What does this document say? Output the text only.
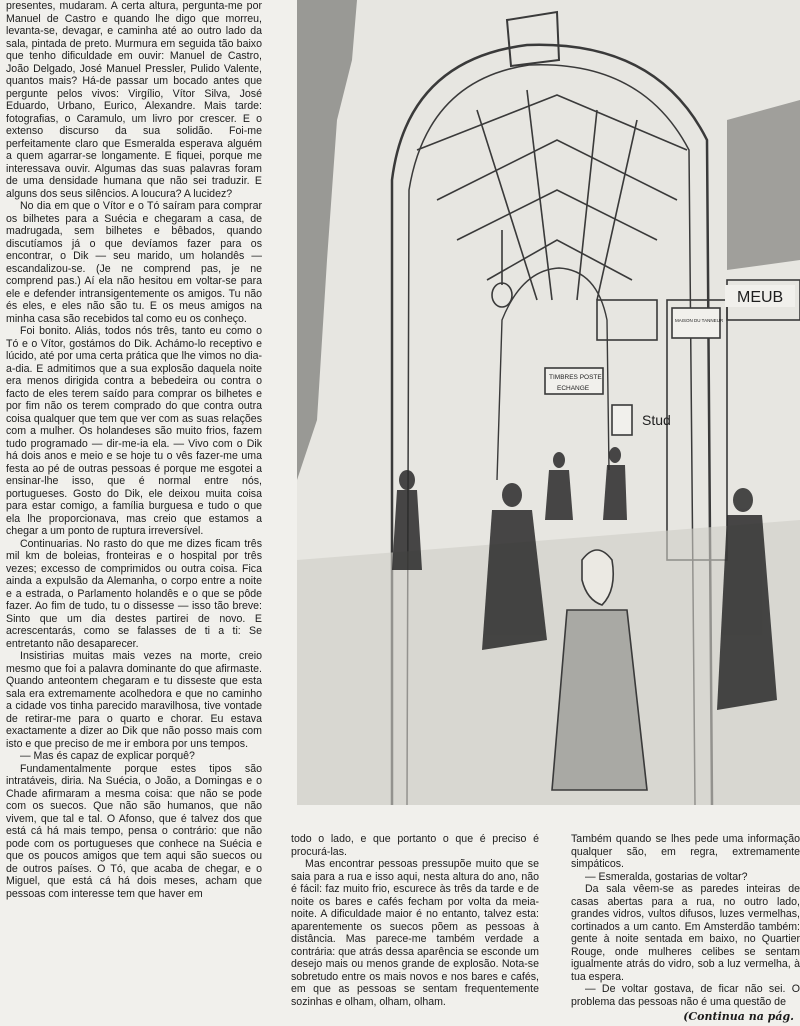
presentes, mudaram. A certa altura, pergunta-me por Manuel de Castro e quando lhe digo que morreu, levanta-se, devagar, e caminha até ao outro lado da sala, pintada de preto. Murmura em seguida tão baixo que tenho dificuldade em ouvir: Manuel de Castro, João Delgado, José Manuel Pressler, Pulido Valente, quantos mais? Há-de passar um bocado antes que pergunte pelos vivos: Virgílio, Vítor Silva, José Eduardo, Urbano, Eurico, Alexandre. Mais tarde: fotografias, o Caramulo, um livro por crescer. E o extenso discurso da sua solidão. Foi-me perfeitamente claro que Esmeralda esperava alguém a quem agarrar-se longamente. E fiquei, porque me interessava ouvir. Algumas das suas palavras foram de uma densidade humana que não sei traduzir. E alguns dos seus silêncios. A loucura? A lucidez?

No dia em que o Vítor e o Tó saíram para comprar os bilhetes para a Suécia e chegaram a casa, de madrugada, sem bilhetes e bêbados, quando discutíamos já o que devíamos fazer para os encontrar, o Dik — seu marido, um holandês — escandalizou-se. (Je ne comprend pas, je ne comprend pas.) Aí ela não hesitou em voltar-se para ele e defender intransigentemente os amigos. Tu não és eles, e eles não são tu. E os meus amigos na minha casa são recebidos tal como eu os conheço.

Foi bonito. Aliás, todos nós três, tanto eu como o Tó e o Vítor, gostámos do Dik. Achámo-lo receptivo e lúcido, até por uma certa prática que lhe vimos no dia-a-dia. E admitimos que a sua explosão daquela noite era menos dirigida contra a bebedeira ou contra o facto de eles terem saído para comprar os bilhetes e por fim não os terem comprado do que contra outra coisa qualquer que tem que ver com as suas relações com a mulher. Os holandeses são muito frios, fazem tudo programado — dir-me-ia ela. — Vivo com o Dik há dois anos e meio e se hoje tu o vês fazer-me uma festa ao pé de outras pessoas é porque me esgotei a ensinar-lhe isso, que é normal entre nós, portugueses. Gosto do Dik, ele deixou muita coisa para estar comigo, a família burguesa e tudo o que ela lhe proporcionava, mas creio que estamos a chegar a um ponto de ruptura irreversível.

Continuarias. No rasto do que me dizes ficam três mil km de boleias, fronteiras e o hospital por três vezes; excesso de comprimidos ou outra coisa. Fica ainda a expulsão da Alemanha, o corpo entre a noite e a estrada, o Parlamento holandês e o que se pôde fazer. Ao fim de tudo, tu o dissesse — isso tão breve: Sinto que um dia destes partirei de novo. E acrescentarás, como se falasses de ti a ti: Se entretanto não desaparecer.

Insistirias muitas mais vezes na morte, creio mesmo que foi a palavra dominante do que afirmaste. Quando anteontem chegaram e tu disseste que esta sala era extremamente acolhedora e que no caminho a cidade vos tinha parecido maravilhosa, tive vontade de retirar-me para o quarto e chorar. Eu estava exactamente a dizer ao Dik que não posso mais com isto e que preciso de me ir embora por uns tempos.

— Mas és capaz de explicar porquê?

Fundamentalmente porque estes tipos são intratáveis, diria. Na Suécia, o João, a Domingas e o Chade afirmaram a mesma coisa: que não se pode com os suecos. Que não são humanos, que não vivem, que tal e tal. O Afonso, que é talvez dos que está cá há mais tempo, pensa o contrário: que não pode com os portugueses que conhece na Suécia e que os poucos amigos que tem aqui são suecos ou de outros países. O Tó, que acaba de chegar, e o Miguel, que está cá há dois meses, acham que pessoas com interesse tem que haver em

TIMBRES POSTE
ECHANGE
Stud
MEUB
MAISON DU TANNEUR

todo o lado, e que portanto o que é preciso é procurá-las.

Mas encontrar pessoas pressupõe muito que se saia para a rua e isso aqui, nesta altura do ano, não é fácil: faz muito frio, escurece às três da tarde e de noite os bares e cafés fecham por volta da meia-noite. A dificuldade maior é no entanto, talvez esta: aparentemente os suecos põem as pessoas à distância. Mas parece-me também verdade a contrária: que atrás dessa aparência se esconde um desejo mais ou menos grande de explosão. Nota-se sobretudo entre os mais novos e nos bares e cafés, em que as pessoas se sentam frequentemente sozinhas e olham, olham, olham.

Também quando se lhes pede uma informação qualquer são, em regra, extremamente simpáticos.

— Esmeralda, gostarias de voltar?

Da sala vêem-se as paredes inteiras de casas abertas para a rua, no outro lado, grandes vidros, vultos difusos, luzes vermelhas, cortinados a um canto. Em Amsterdão também: gente à noite sentada em baixo, no Quartier Rouge, onde mulheres celibes se sentam igualmente atrás do vidro, sob a luz vermelha, à tua espera.

— De voltar gostava, de ficar não sei. O problema das pessoas não é uma questão de

(Continua na pág.
